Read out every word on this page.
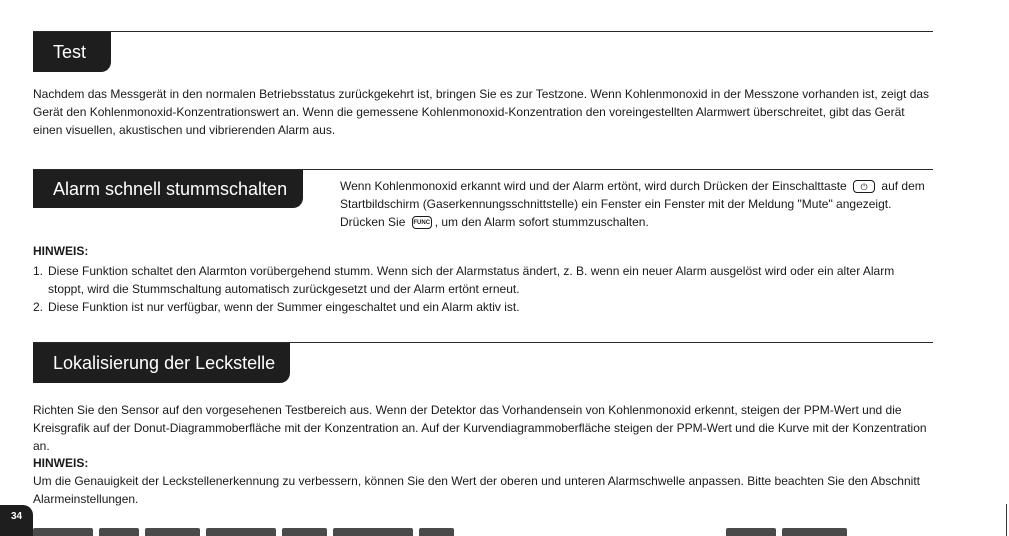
Test

Nachdem das Messgerät in den normalen Betriebsstatus zurückgekehrt ist, bringen Sie es zur Testzone. Wenn Kohlenmonoxid in der Messzone vorhanden ist, zeigt das Gerät den Kohlenmonoxid-Konzentrationswert an. Wenn die gemessene Kohlenmonoxid-Konzentration den voreingestellten Alarmwert überschreitet, gibt das Gerät einen visuellen, akustischen und vibrierenden Alarm aus.

Alarm schnell stummschalten	Wenn Kohlenmonoxid erkannt wird und der Alarm ertönt, wird durch Drücken der Einschalttaste ⏻ auf dem Startbildschirm (Gaserkennungsschnittstelle) ein Fenster ein Fenster mit der Meldung "Mute" angezeigt. Drücken Sie FUNC , um den Alarm sofort stummzuschalten.

HINWEIS:

1. Diese Funktion schaltet den Alarmton vorübergehend stumm. Wenn sich der Alarmstatus ändert, z. B. wenn ein neuer Alarm ausgelöst wird oder ein alter Alarm stoppt, wird die Stummschaltung automatisch zurückgesetzt und der Alarm ertönt erneut.
2. Diese Funktion ist nur verfügbar, wenn der Summer eingeschaltet und ein Alarm aktiv ist.
Lokalisierung der Leckstelle

Richten Sie den Sensor auf den vorgesehenen Testbereich aus. Wenn der Detektor das Vorhandensein von Kohlenmonoxid erkennt, steigen der PPM-Wert und die Kreisgrafik auf der Donut-Diagrammoberfläche mit der Konzentration an. Auf der Kurvendiagrammoberfläche steigen der PPM-Wert und die Kurve mit der Konzentration an.

HINWEIS:

Um die Genauigkeit der Leckstellenerkennung zu verbessern, können Sie den Wert der oberen und unteren Alarmschwelle anpassen. Bitte beachten Sie den Abschnitt Alarmeinstellungen.

34
